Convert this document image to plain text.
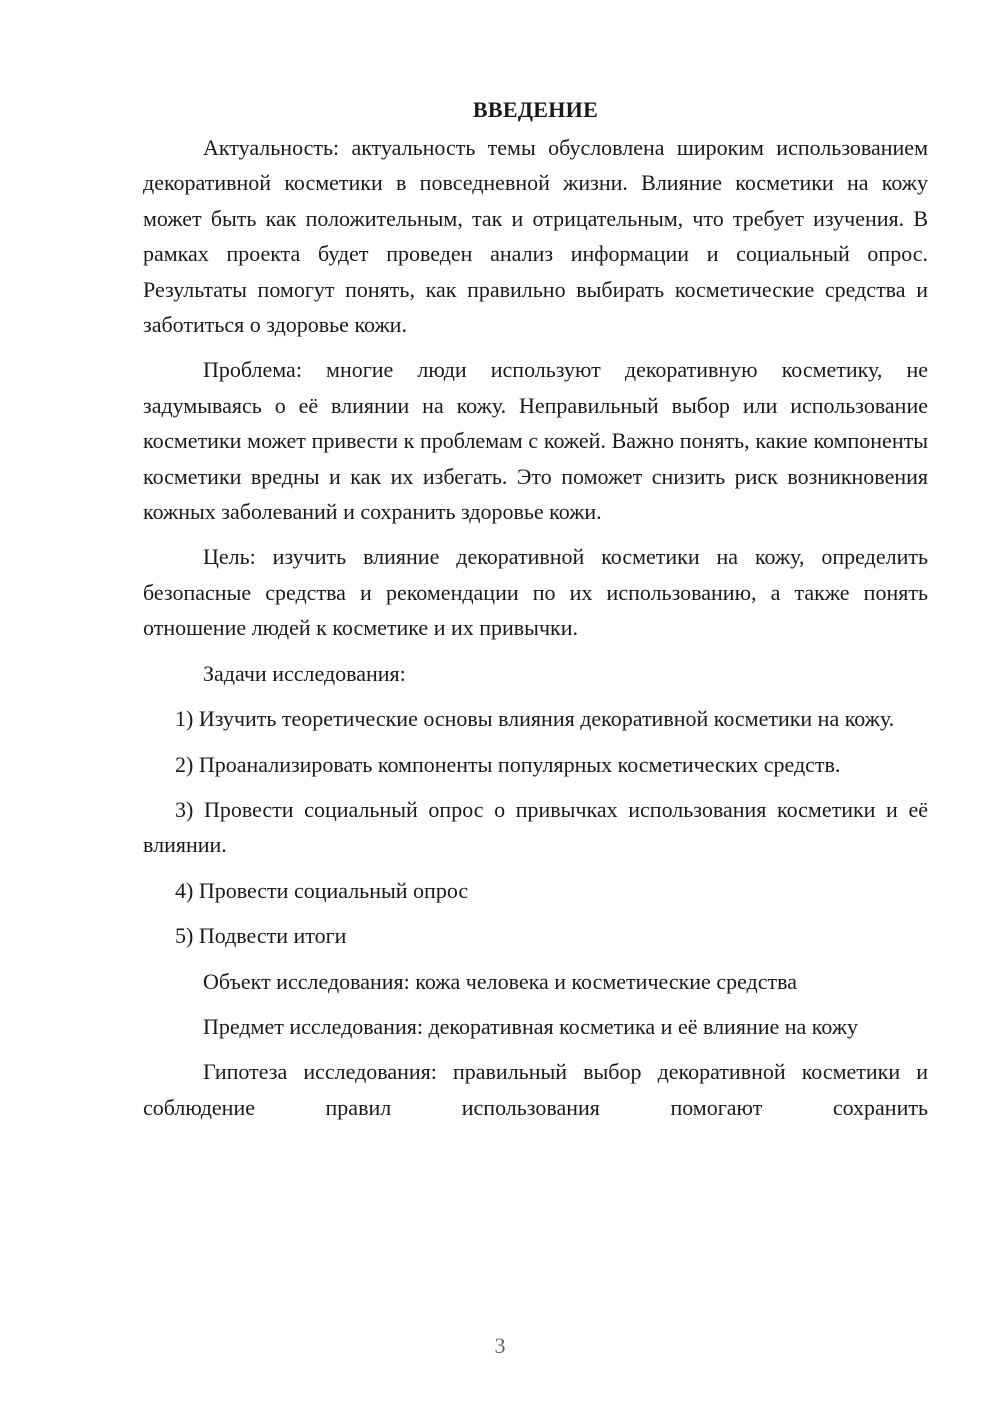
ВВЕДЕНИЕ

Актуальность: актуальность темы обусловлена широким использованием декоративной косметики в повседневной жизни. Влияние косметики на кожу может быть как положительным, так и отрицательным, что требует изучения. В рамках проекта будет проведен анализ информации и социальный опрос. Результаты помогут понять, как правильно выбирать косметические средства и заботиться о здоровье кожи.

Проблема: многие люди используют декоративную косметику, не задумываясь о её влиянии на кожу. Неправильный выбор или использование косметики может привести к проблемам с кожей. Важно понять, какие компоненты косметики вредны и как их избегать. Это поможет снизить риск возникновения кожных заболеваний и сохранить здоровье кожи.

Цель: изучить влияние декоративной косметики на кожу, определить безопасные средства и рекомендации по их использованию, а также понять отношение людей к косметике и их привычки.

Задачи исследования:

1) Изучить теоретические основы влияния декоративной косметики на кожу.

2) Проанализировать компоненты популярных косметических средств.

3) Провести социальный опрос о привычках использования косметики и её влиянии.

4) Провести социальный опрос

5) Подвести итоги

Объект исследования: кожа человека и косметические средства

Предмет исследования: декоративная косметика и её влияние на кожу

Гипотеза исследования: правильный выбор декоративной косметики и соблюдение правил использования помогают сохранить

3
